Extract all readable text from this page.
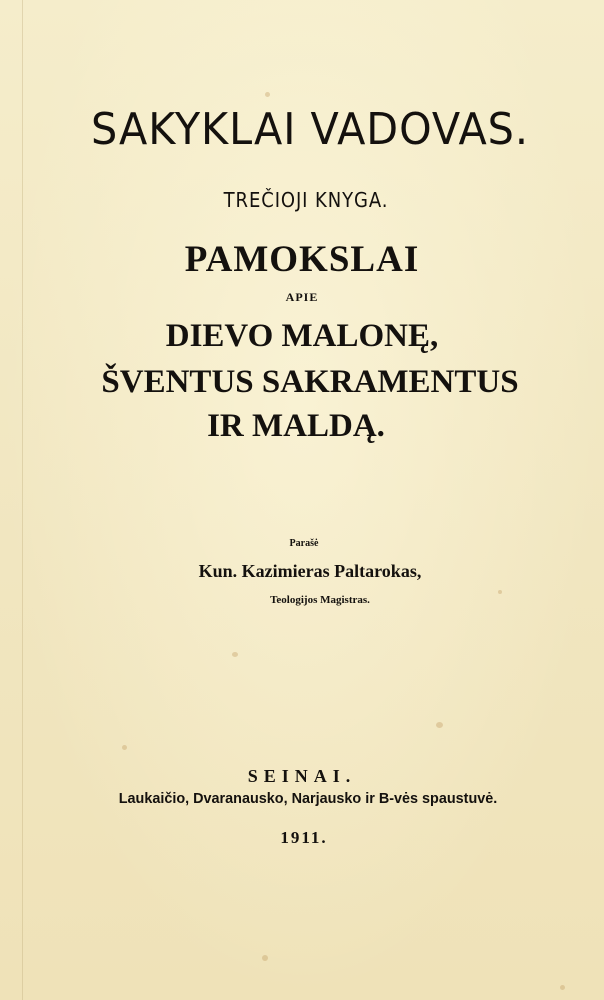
SAKYKLAI VADOVAS.
TREČIOJI KNYGA.
PAMOKSLAI
APIE
DIEVO MALONĘ,
ŠVENTUS SAKRAMENTUS
IR MALDĄ.
Parašė
Kun. Kazimieras Paltarokas,
Teologijos Magistras.
SEINAI.
Laukaičio, Dvaranausko, Narjausko ir B-vės spaustuvė.
1911.
